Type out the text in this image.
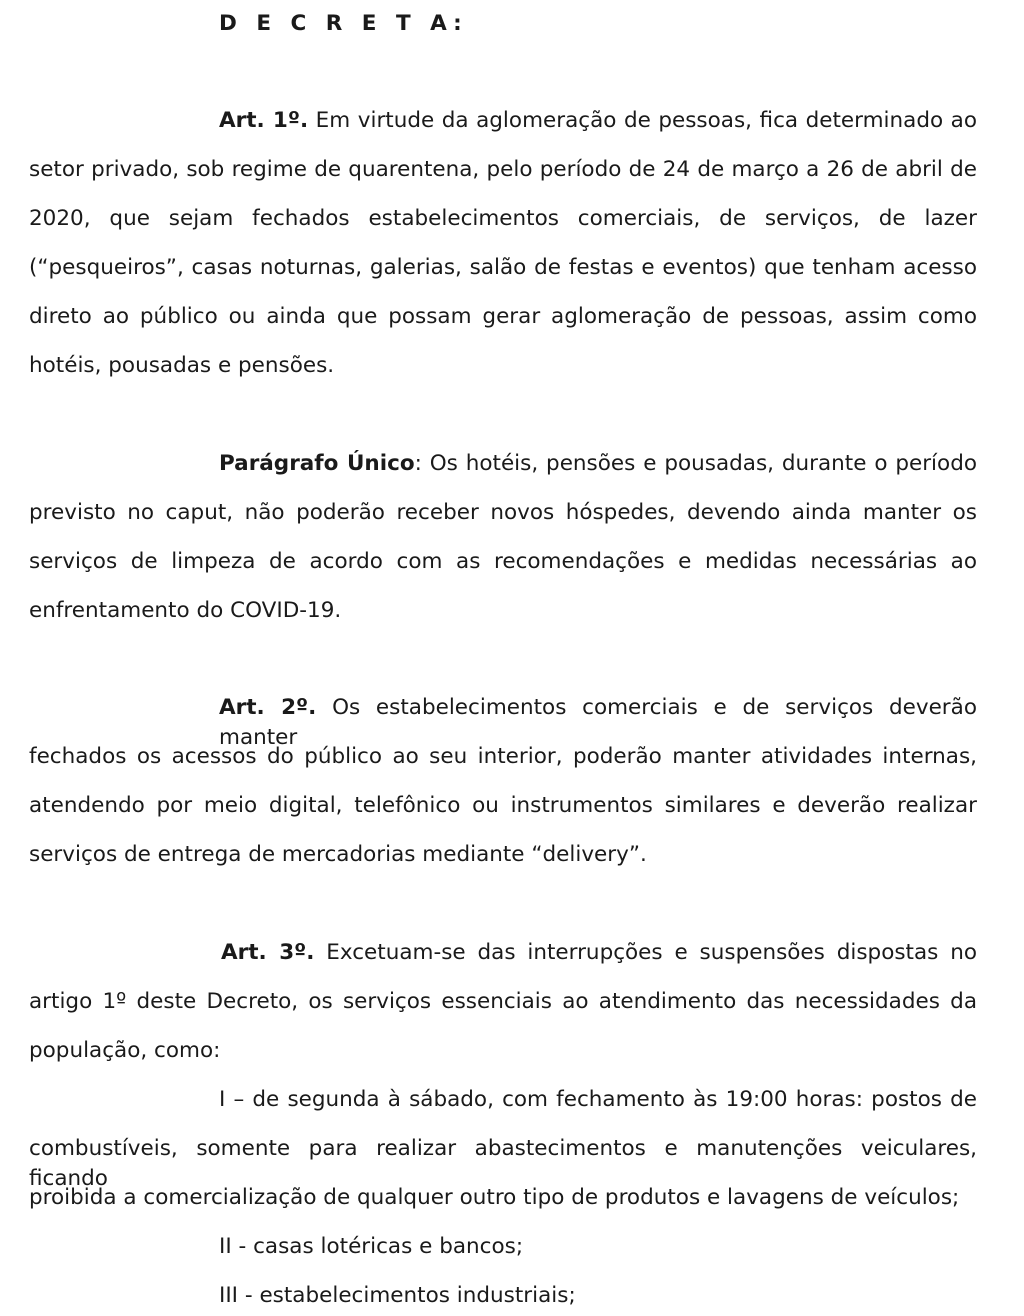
D E C R E T A:
Art. 1º. Em virtude da aglomeração de pessoas, fica determinado ao
setor privado, sob regime de quarentena, pelo período de 24 de março a 26 de abril de
2020, que sejam fechados estabelecimentos comerciais, de serviços, de lazer
(“pesqueiros”, casas noturnas, galerias, salão de festas e eventos) que tenham acesso
direto ao público ou ainda que possam gerar aglomeração de pessoas, assim como
hotéis, pousadas e pensões.
Parágrafo Único: Os hotéis, pensões e pousadas, durante o período
previsto no caput, não poderão receber novos hóspedes, devendo ainda manter os
serviços de limpeza de acordo com as recomendações e medidas necessárias ao
enfrentamento do COVID-19.
Art. 2º. Os estabelecimentos comerciais e de serviços deverão manter
fechados os acessos do público ao seu interior, poderão manter atividades internas,
atendendo por meio digital, telefônico ou instrumentos similares e deverão realizar
serviços de entrega de mercadorias mediante “delivery”.
Art. 3º. Excetuam-se das interrupções e suspensões dispostas no
artigo 1º deste Decreto, os serviços essenciais ao atendimento das necessidades da
população, como:
I – de segunda à sábado, com fechamento às 19:00 horas: postos de
combustíveis, somente para realizar abastecimentos e manutenções veiculares, ficando
proibida a comercialização de qualquer outro tipo de produtos e lavagens de veículos;
II - casas lotéricas e bancos;
III - estabelecimentos industriais;
